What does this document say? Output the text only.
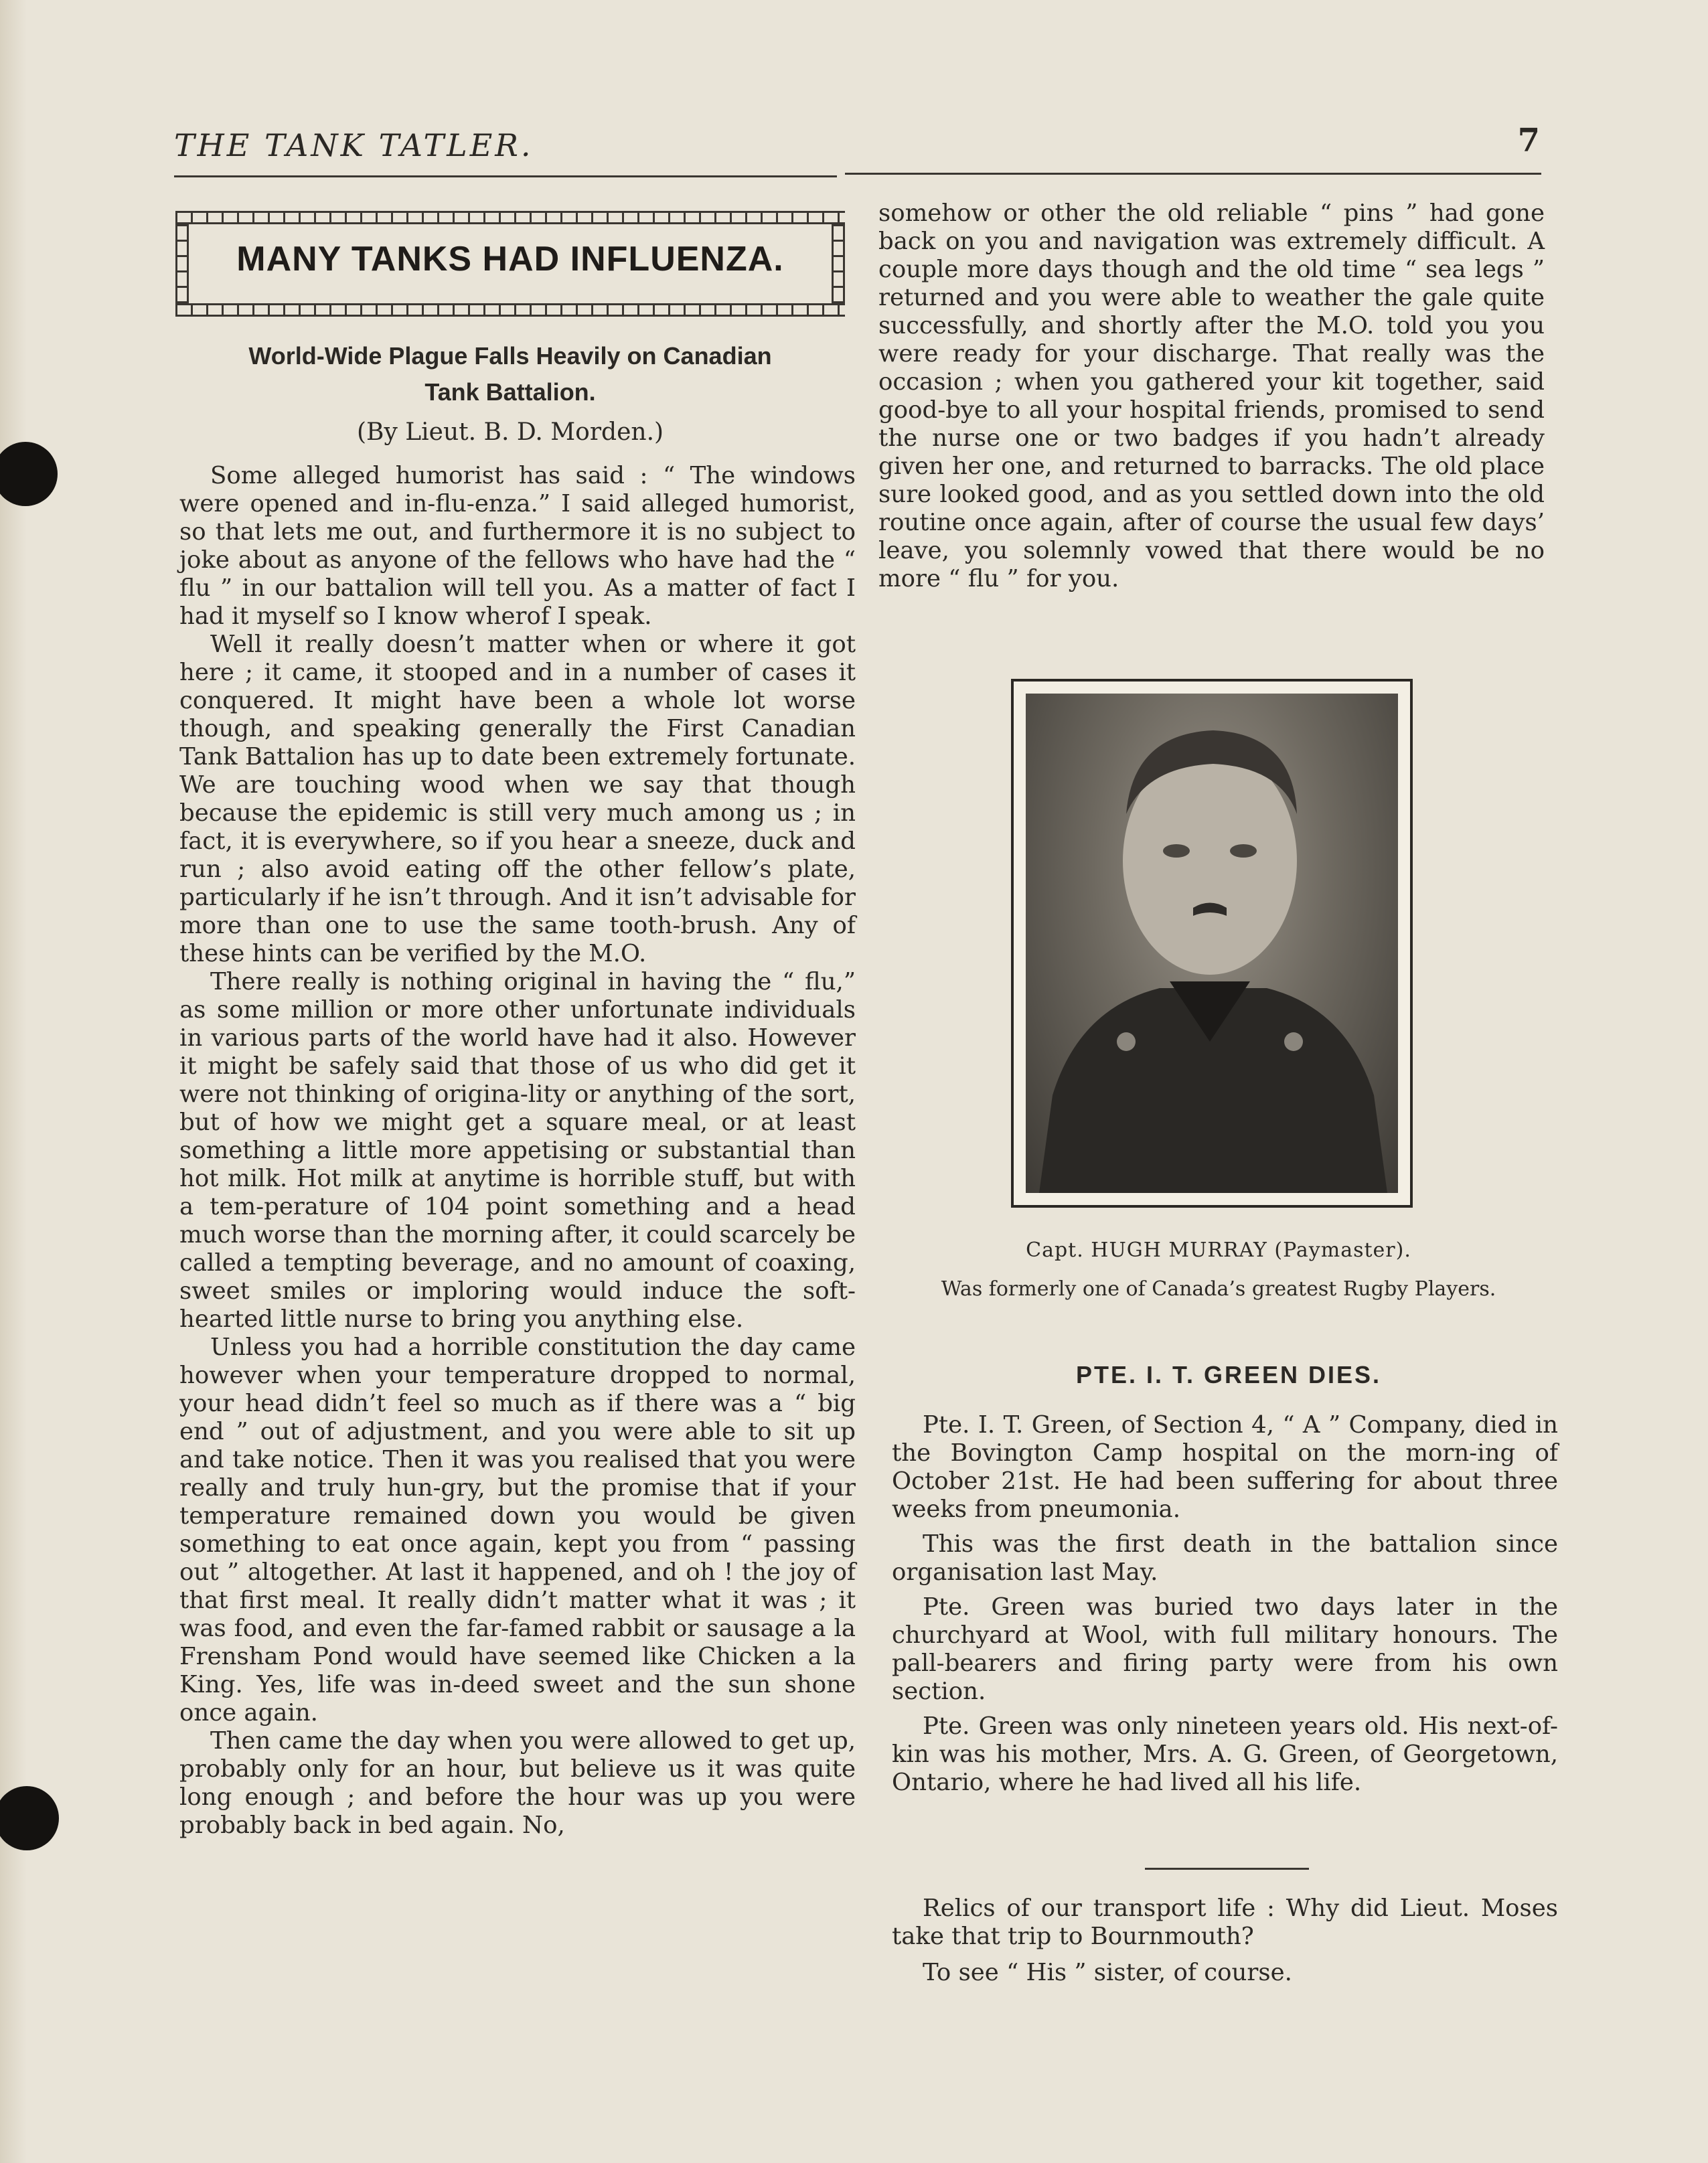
THE TANK TATLER.	7
MANY TANKS HAD INFLUENZA.
World-Wide Plague Falls Heavily on Canadian
Tank Battalion.
(By Lieut. B. D. Morden.)

Some alleged humorist has said : “ The windows were opened and in-flu-enza.” I said alleged humorist, so that lets me out, and furthermore it is no subject to joke about as anyone of the fellows who have had the “ flu ” in our battalion will tell you. As a matter of fact I had it myself so I know wherof I speak.

Well it really doesn’t matter when or where it got here ; it came, it stooped and in a number of cases it conquered. It might have been a whole lot worse though, and speaking generally the First Canadian Tank Battalion has up to date been extremely fortunate. We are touching wood when we say that though because the epidemic is still very much among us ; in fact, it is everywhere, so if you hear a sneeze, duck and run ; also avoid eating off the other fellow’s plate, particularly if he isn’t through. And it isn’t advisable for more than one to use the same tooth-brush. Any of these hints can be verified by the M.O.

There really is nothing original in having the “ flu,” as some million or more other unfortunate individuals in various parts of the world have had it also. However it might be safely said that those of us who did get it were not thinking of origina-lity or anything of the sort, but of how we might get a square meal, or at least something a little more appetising or substantial than hot milk. Hot milk at anytime is horrible stuff, but with a tem-perature of 104 point something and a head much worse than the morning after, it could scarcely be called a tempting beverage, and no amount of coaxing, sweet smiles or imploring would induce the soft-hearted little nurse to bring you anything else.

Unless you had a horrible constitution the day came however when your temperature dropped to normal, your head didn’t feel so much as if there was a “ big end ” out of adjustment, and you were able to sit up and take notice. Then it was you realised that you were really and truly hun-gry, but the promise that if your temperature remained down you would be given something to eat once again, kept you from “ passing out ” altogether. At last it happened, and oh ! the joy of that first meal. It really didn’t matter what it was ; it was food, and even the far-famed rabbit or sausage a la Frensham Pond would have seemed like Chicken a la King. Yes, life was in-deed sweet and the sun shone once again.

Then came the day when you were allowed to get up, probably only for an hour, but believe us it was quite long enough ; and before the hour was up you were probably back in bed again. No,

somehow or other the old reliable “ pins ” had gone back on you and navigation was extremely difficult. A couple more days though and the old time “ sea legs ” returned and you were able to weather the gale quite successfully, and shortly after the M.O. told you you were ready for your discharge. That really was the occasion ; when you gathered your kit together, said good-bye to all your hospital friends, promised to send the nurse one or two badges if you hadn’t already given her one, and returned to barracks. The old place sure looked good, and as you settled down into the old routine once again, after of course the usual few days’ leave, you solemnly vowed that there would be no more “ flu ” for you.

Capt. HUGH MURRAY (Paymaster).
Was formerly one of Canada’s greatest Rugby Players.
PTE. I. T. GREEN DIES.

Pte. I. T. Green, of Section 4, “ A ” Company, died in the Bovington Camp hospital on the morn-ing of October 21st. He had been suffering for about three weeks from pneumonia.

This was the first death in the battalion since organisation last May.

Pte. Green was buried two days later in the churchyard at Wool, with full military honours. The pall-bearers and firing party were from his own section.

Pte. Green was only nineteen years old. His next-of-kin was his mother, Mrs. A. G. Green, of Georgetown, Ontario, where he had lived all his life.

Relics of our transport life : Why did Lieut. Moses take that trip to Bournmouth?

To see “ His ” sister, of course.
